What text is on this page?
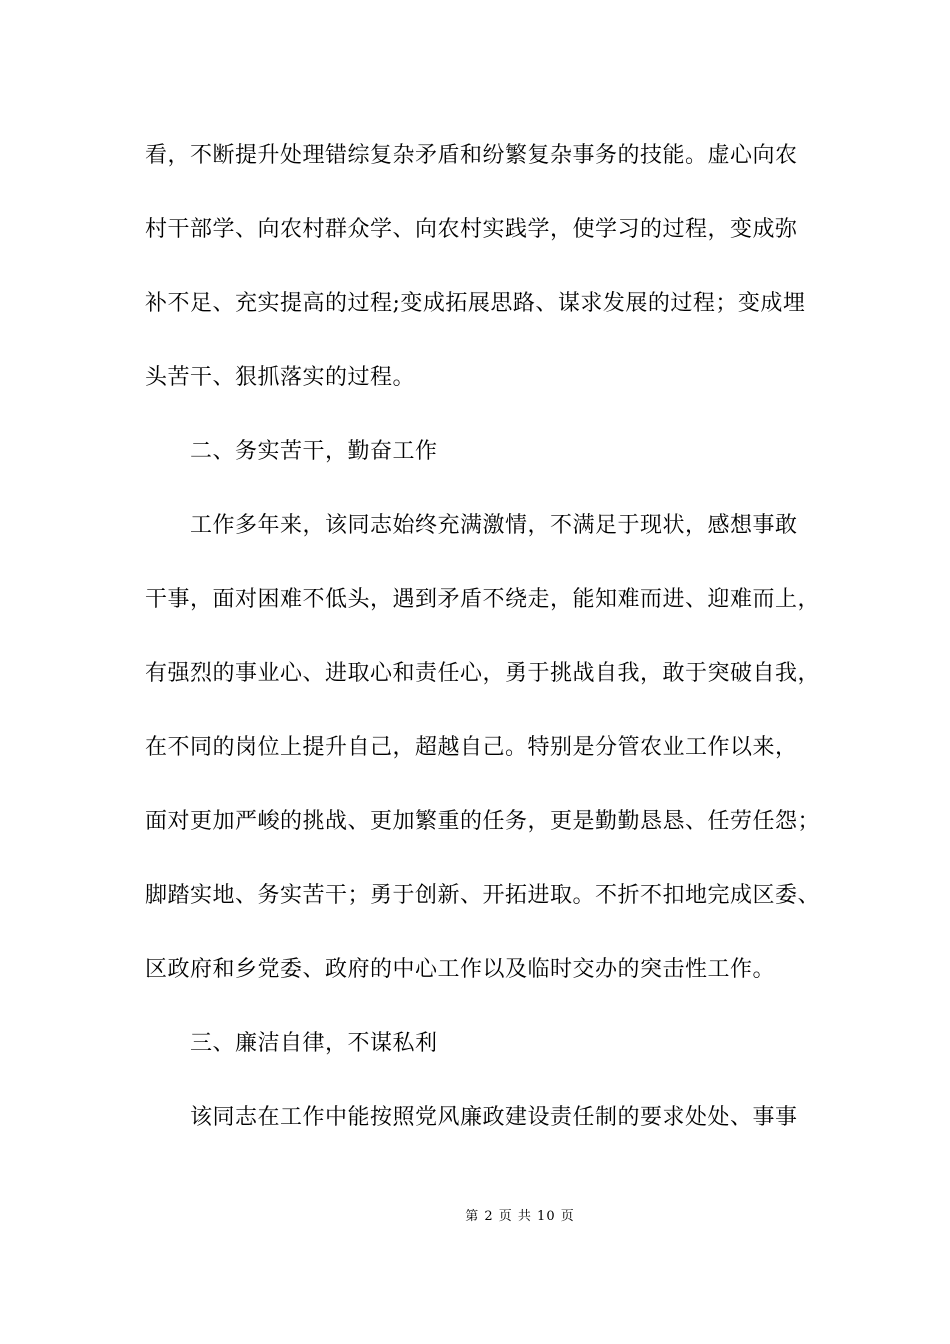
看，不断提升处理错综复杂矛盾和纷繁复杂事务的技能。虚心向农
村干部学、向农村群众学、向农村实践学，使学习的过程，变成弥
补不足、充实提高的过程;变成拓展思路、谋求发展的过程；变成埋
头苦干、狠抓落实的过程。
二、务实苦干，勤奋工作
工作多年来，该同志始终充满激情，不满足于现状，感想事敢
干事，面对困难不低头，遇到矛盾不绕走，能知难而进、迎难而上，
有强烈的事业心、进取心和责任心，勇于挑战自我，敢于突破自我，
在不同的岗位上提升自己，超越自己。特别是分管农业工作以来，
面对更加严峻的挑战、更加繁重的任务，更是勤勤恳恳、任劳任怨；
脚踏实地、务实苦干；勇于创新、开拓进取。不折不扣地完成区委、
区政府和乡党委、政府的中心工作以及临时交办的突击性工作。
三、廉洁自律，不谋私利
该同志在工作中能按照党风廉政建设责任制的要求处处、事事
第 2 页 共 10 页
